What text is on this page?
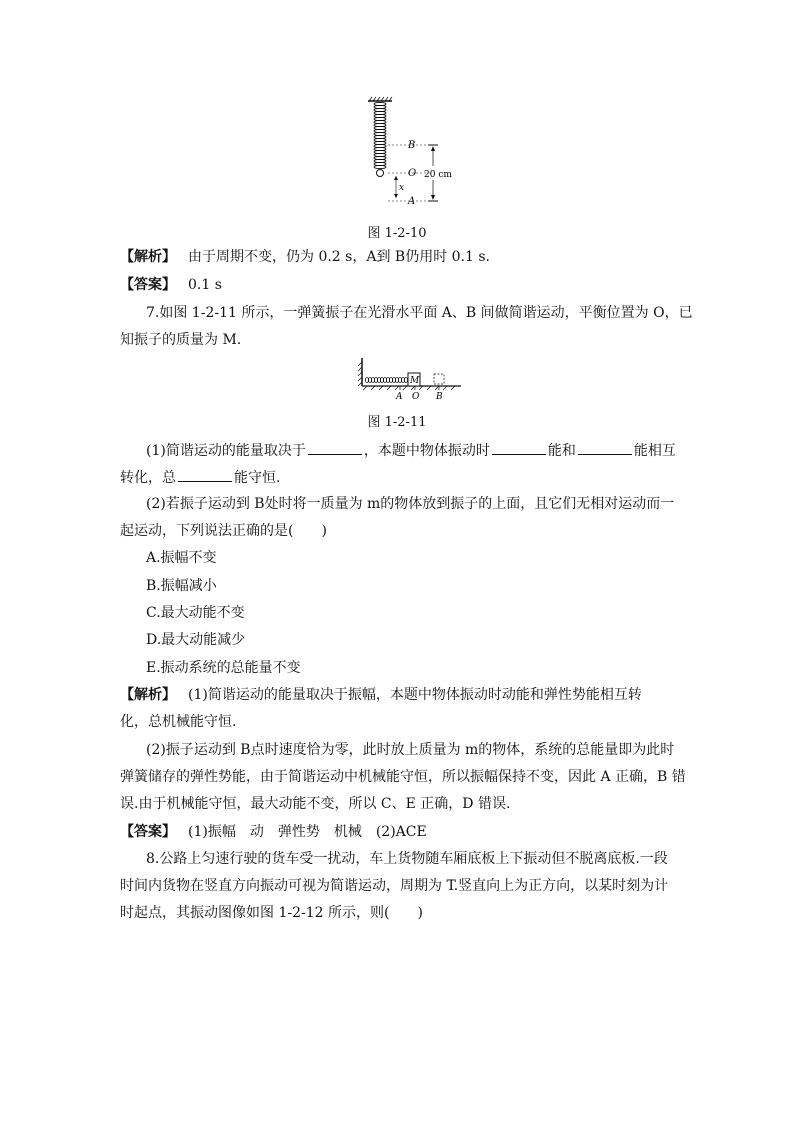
B
O
A
x
20 cm
图 1-2-10
【解析】 由于周期不变，仍为 0.2 s，A到 B仍用时 0.1 s.
【答案】 0.1 s
7.如图 1-2-11 所示，一弹簧振子在光滑水平面 A、B 间做简谐运动，平衡位置为 O，已
知振子的质量为 M.
M
A O B
图 1-2-11
(1)简谐运动的能量取决于	，本题中物体振动时	能和	能相互
转化，总	能守恒.
(2)若振子运动到 B处时将一质量为 m的物体放到振子的上面，且它们无相对运动而一
起运动，下列说法正确的是(　　)
A.振幅不变
B.振幅减小
C.最大动能不变
D.最大动能减少
E.振动系统的总能量不变
【解析】 (1)简谐运动的能量取决于振幅，本题中物体振动时动能和弹性势能相互转
化，总机械能守恒.
(2)振子运动到 B点时速度恰为零，此时放上质量为 m的物体，系统的总能量即为此时
弹簧储存的弹性势能，由于简谐运动中机械能守恒，所以振幅保持不变，因此 A 正确，B 错
误.由于机械能守恒，最大动能不变，所以 C、E 正确，D 错误.
【答案】 (1)振幅　动　弹性势　机械　(2)ACE
8.公路上匀速行驶的货车受一扰动，车上货物随车厢底板上下振动但不脱离底板.一段
时间内货物在竖直方向振动可视为简谐运动，周期为 T.竖直向上为正方向，以某时刻为计
时起点，其振动图像如图 1-2-12 所示，则(　　)
